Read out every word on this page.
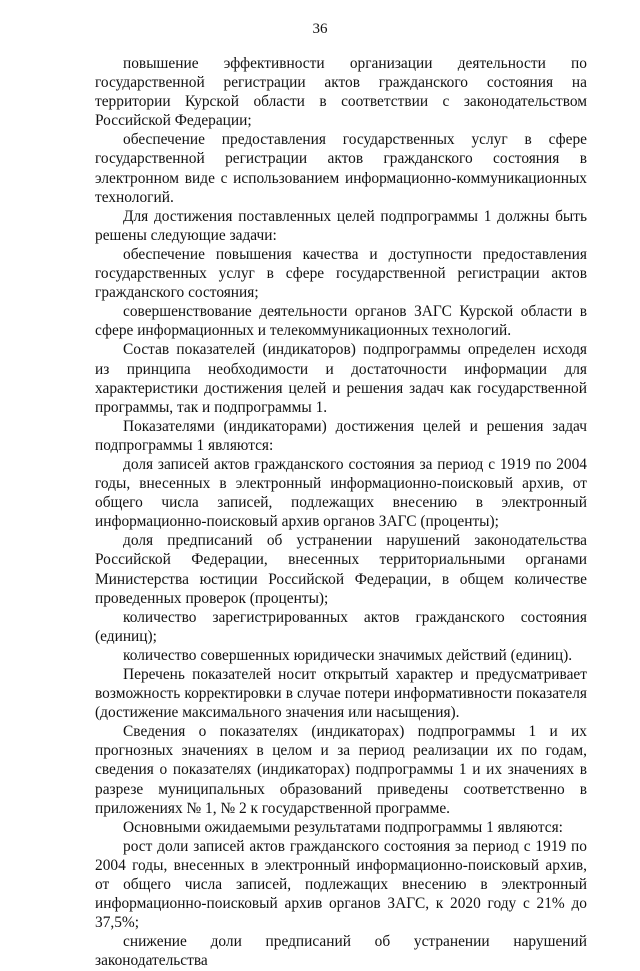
36

повышение эффективности организации деятельности по государственной регистрации актов гражданского состояния на территории Курской области в соответствии с законодательством Российской Федерации;

обеспечение предоставления государственных услуг в сфере государственной регистрации актов гражданского состояния в электронном виде с использованием информационно-коммуникационных технологий.

Для достижения поставленных целей подпрограммы 1 должны быть решены следующие задачи:

обеспечение повышения качества и доступности предоставления государственных услуг в сфере государственной регистрации актов гражданского состояния;

совершенствование деятельности органов ЗАГС Курской области в сфере информационных и телекоммуникационных технологий.

Состав показателей (индикаторов) подпрограммы определен исходя из принципа необходимости и достаточности информации для характеристики достижения целей и решения задач как государственной программы, так и подпрограммы 1.

Показателями (индикаторами) достижения целей и решения задач подпрограммы 1 являются:

доля записей актов гражданского состояния за период с 1919 по 2004 годы, внесенных в электронный информационно-поисковый архив, от общего числа записей, подлежащих внесению в электронный информационно-поисковый архив органов ЗАГС (проценты);

доля предписаний об устранении нарушений законодательства Российской Федерации, внесенных территориальными органами Министерства юстиции Российской Федерации, в общем количестве проведенных проверок (проценты);

количество зарегистрированных актов гражданского состояния (единиц);

количество совершенных юридически значимых действий (единиц).

Перечень показателей носит открытый характер и предусматривает возможность корректировки в случае потери информативности показателя (достижение максимального значения или насыщения).

Сведения о показателях (индикаторах) подпрограммы 1 и их прогнозных значениях в целом и за период реализации их по годам, сведения о показателях (индикаторах) подпрограммы 1 и их значениях в разрезе муниципальных образований приведены соответственно в приложениях № 1, № 2 к государственной программе.

Основными ожидаемыми результатами подпрограммы 1 являются:

рост доли записей актов гражданского состояния за период с 1919 по 2004 годы, внесенных в электронный информационно-поисковый архив, от общего числа записей, подлежащих внесению в электронный информационно-поисковый архив органов ЗАГС, к 2020 году с 21% до 37,5%;

снижение доли предписаний об устранении нарушений законодательства
